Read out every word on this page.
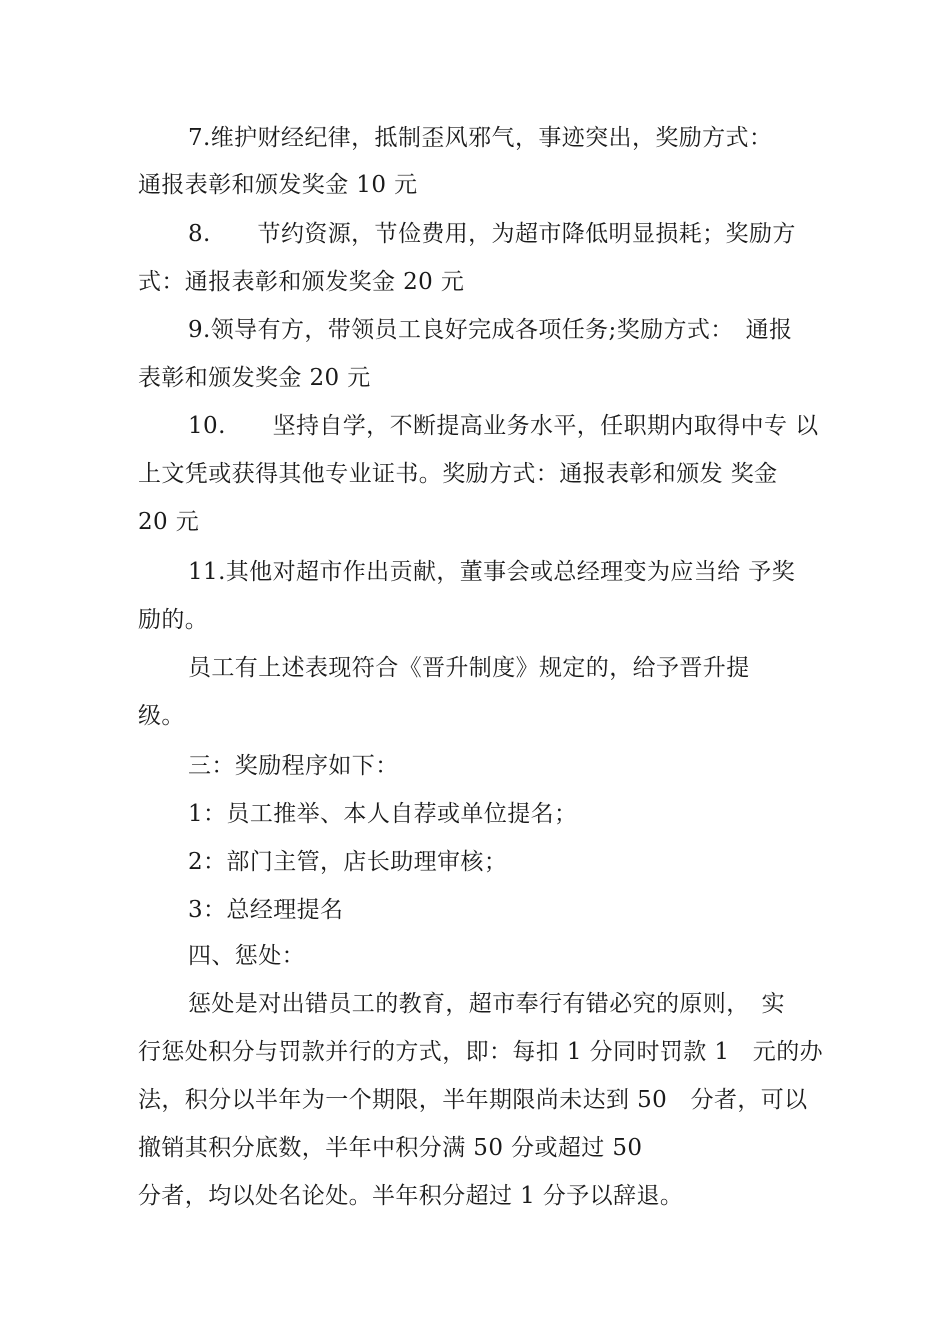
7.维护财经纪律，抵制歪风邪气，事迹突出，奖励方式：
通报表彰和颁发奖金 10 元
8.　　节约资源，节俭费用，为超市降低明显损耗；奖励方
式：通报表彰和颁发奖金 20 元
9.领导有方，带领员工良好完成各项任务;奖励方式：　通报
表彰和颁发奖金 20 元
10.　　坚持自学，不断提高业务水平，任职期内取得中专 以
上文凭或获得其他专业证书。奖励方式：通报表彰和颁发 奖金
20 元
11.其他对超市作出贡献，董事会或总经理变为应当给 予奖
励的。
员工有上述表现符合《晋升制度》规定的，给予晋升提
级。
三：奖励程序如下：
1：员工推举、本人自荐或单位提名；
2：部门主管，店长助理审核；
3：总经理提名
四、惩处：
惩处是对出错员工的教育，超市奉行有错必究的原则，　实
行惩处积分与罚款并行的方式，即：每扣 1 分同时罚款 1　元的办
法，积分以半年为一个期限，半年期限尚未达到 50　分者，可以
撤销其积分底数，半年中积分满 50 分或超过 50
分者，均以处名论处。半年积分超过 1 分予以辞退。
